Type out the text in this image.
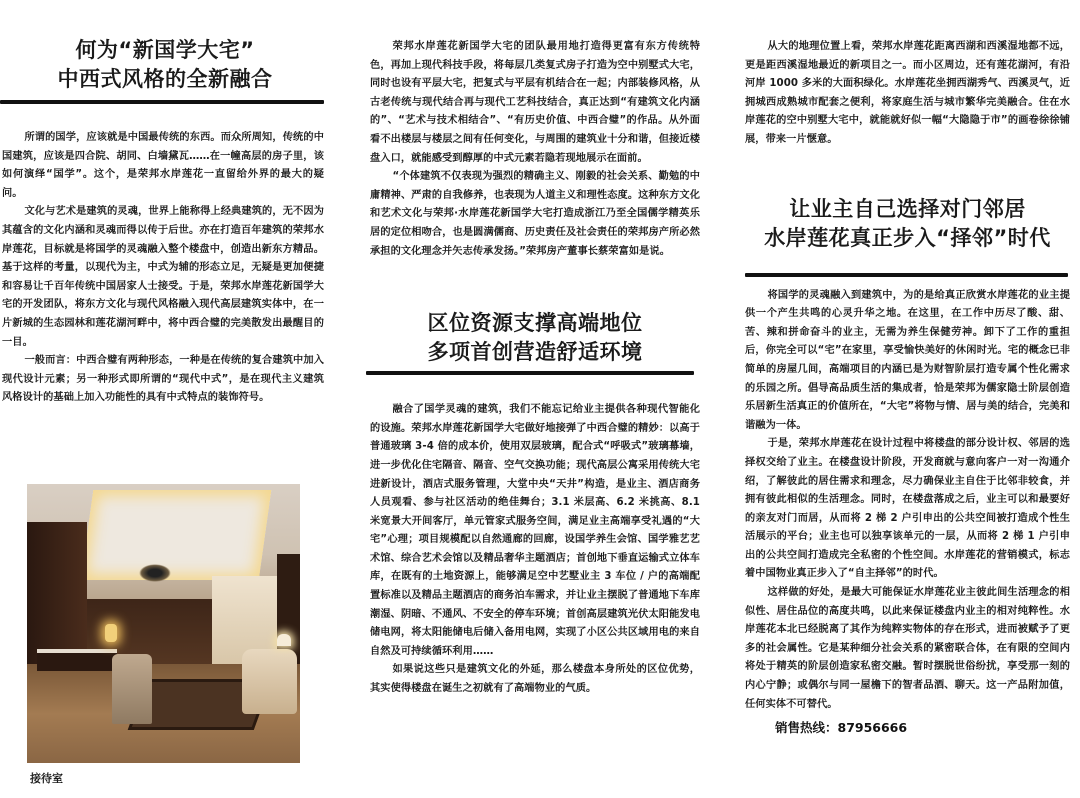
何为“新国学大宅”
中西式风格的全新融合

所谓的国学，应该就是中国最传统的东西。而众所周知，传统的中国建筑，应该是四合院、胡同、白墙黛瓦……在一幢高层的房子里，该如何演绎“国学”。这个，是荣邦水岸莲花一直留给外界的最大的疑问。

文化与艺术是建筑的灵魂，世界上能称得上经典建筑的，无不因为其蕴含的文化内涵和灵魂而得以传于后世。亦在打造百年建筑的荣邦水岸莲花，目标就是将国学的灵魂融入整个楼盘中，创造出新东方精品。基于这样的考量，以现代为主，中式为辅的形态立足，无疑是更加便捷和容易让千百年传统中国居家人士接受。于是，荣邦水岸莲花新国学大宅的开发团队，将东方文化与现代风格融入现代高层建筑实体中，在一片新城的生态园林和莲花湖河畔中，将中西合璧的完美散发出最醒目的一目。

一般而言：中西合璧有两种形态，一种是在传统的复合建筑中加入现代设计元素；另一种形式即所谓的“现代中式”，是在现代主义建筑风格设计的基础上加入功能性的具有中式特点的装饰符号。

接待室

荣邦水岸莲花新国学大宅的团队最用地打造得更富有东方传统特色，再加上现代科技手段，将每层几类复式房子打造为空中别墅式大宅，同时也设有平层大宅，把复式与平层有机结合在一起；内部装修风格，从古老传统与现代结合再与现代工艺科技结合，真正达到“有建筑文化内涵的”、“艺术与技术相结合”、“有历史价值、中西合璧”的作品。从外面看不出楼层与楼层之间有任何变化，与周围的建筑业十分和谐，但接近楼盘入口，就能感受到醇厚的中式元素若隐若现地展示在面前。

“个体建筑不仅表现为强烈的精确主义、刚毅的社会关系、勤勉的中庸精神、严肃的自我修养，也表现为人道主义和理性态度。这种东方文化和艺术文化与荣邦·水岸莲花新国学大宅打造成浙江乃至全国儒学精英乐居的定位相吻合，也是圆满儒商、历史责任及社会责任的荣邦房产所必然承担的文化理念并矢志传承发扬。”荣邦房产董事长蔡荣富如是说。

区位资源支撑高端地位
多项首创营造舒适环境

融合了国学灵魂的建筑，我们不能忘记给业主提供各种现代智能化的设施。荣邦水岸莲花新国学大宅做好地接弹了中西合璧的精妙：以高于普通玻璃 3-4 倍的成本价，使用双层玻璃，配合式“呼吸式”玻璃幕墙，进一步优化住宅隔音、隔音、空气交换功能；现代高层公寓采用传统大宅进新设计，酒店式服务管理，大堂中央“天井”构造，是业主、酒店商务人员观看、参与社区活动的绝佳舞台；3.1 米层高、6.2 米挑高、8.1 米宽景大开间客厅，单元管家式服务空间，满足业主高端享受礼遇的“大宅”心理；项目规模配以自然通廊的回廊，设国学养生会馆、国学雅艺艺术馆、综合艺术会馆以及精品奢华主题酒店；首创地下垂直运输式立体车库，在既有的土地资源上，能够满足空中艺墅业主 3 车位 / 户的高端配置标准以及精品主题酒店的商务泊车需求，并让业主摆脱了普通地下车库潮湿、阴暗、不通风、不安全的停车环境；首创高层建筑光伏太阳能发电储电网，将太阳能储电后储入备用电网，实现了小区公共区域用电的来自自然及可持续循环利用……

如果说这些只是建筑文化的外延，那么楼盘本身所处的区位优势，其实使得楼盘在诞生之初就有了高端物业的气质。

从大的地理位置上看，荣邦水岸莲花距离西湖和西溪湿地都不远，更是距西溪湿地最近的新项目之一。而小区周边，还有莲花湖河，有沿河岸 1000 多米的大面积绿化。水岸莲花坐拥西湖秀气、西溪灵气，近拥城西成熟城市配套之便利，将家庭生活与城市繁华完美融合。住在水岸莲花的空中别墅大宅中，就能就好似一幅“大隐隐于市”的画卷徐徐铺展，带来一片惬意。

让业主自己选择对门邻居
水岸莲花真正步入“择邻”时代

将国学的灵魂融入到建筑中，为的是给真正欣赏水岸莲花的业主提供一个产生共鸣的心灵升华之地。在这里，在工作中历尽了酸、甜、苦、辣和拼命奋斗的业主，无需为养生保健劳神。卸下了工作的重担后，你完全可以“宅”在家里，享受愉快美好的休闲时光。宅的概念已非简单的房屋几间，高端项目的内涵已是为财智阶层打造专属个性化需求的乐园之所。倡导高品质生活的集成者，恰是荣邦为儒家隐士阶层创造乐居新生活真正的价值所在，“大宅”将物与情、居与美的结合，完美和谐融为一体。

于是，荣邦水岸莲花在设计过程中将楼盘的部分设计权、邻居的选择权交给了业主。在楼盘设计阶段，开发商就与意向客户一对一沟通介绍，了解彼此的居住需求和理念，尽力确保业主自住于比邻非较食，并拥有彼此相似的生活理念。同时，在楼盘落成之后，业主可以和最要好的亲友对门而居，从而将 2 梯 2 户引申出的公共空间被打造成个性生活展示的平台；业主也可以独享该单元的一层，从而将 2 梯 1 户引申出的公共空间打造成完全私密的个性空间。水岸莲花的营销模式，标志着中国物业真正步入了“自主择邻”的时代。

这样做的好处，是最大可能保证水岸莲花业主彼此间生活理念的相似性、居住品位的高度共鸣，以此来保证楼盘内业主的相对纯粹性。水岸莲花本北已经脱离了其作为纯粹实物体的存在形式，进而被赋予了更多的社会属性。它是某种细分社会关系的紧密联合体，在有限的空间内将处于精英的阶层创造家私密交融。暂时摆脱世俗纷扰，享受那一刻的内心宁静；或偶尔与同一屋檐下的智者品酒、聊天。这一产品附加值，任何实体不可替代。

销售热线：87956666
